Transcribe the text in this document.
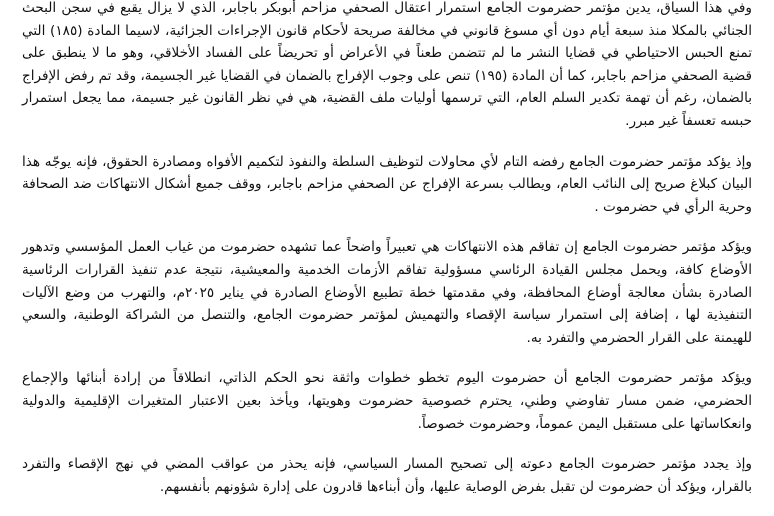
وفي هذا السياق، يدين مؤتمر حضرموت الجامع استمرار اعتقال الصحفي مزاحم أبوبكر باجابر، الذي لا يزال يقبع في سجن البحث الجنائي بالمكلا منذ سبعة أيام دون أي مسوغ قانوني في مخالفة صريحة لأحكام قانون الإجراءات الجزائية، لاسيما المادة (١٨٥) التي تمنع الحبس الاحتياطي في قضايا النشر ما لم تتضمن طعناً في الأعراض أو تحريضاً على الفساد الأخلاقي، وهو ما لا ينطبق على قضية الصحفي مزاحم باجابر، كما أن المادة (١٩٥) تنص على وجوب الإفراج بالضمان في القضايا غير الجسيمة، وقد تم رفض الإفراج بالضمان، رغم أن تهمة تكدير السلم العام، التي ترسمها أوليات ملف القضية، هي في نظر القانون غير جسيمة، مما يجعل استمرار حبسه تعسفاً غير مبرر.

وإذ يؤكد مؤتمر حضرموت الجامع رفضه التام لأي محاولات لتوظيف السلطة والنفوذ لتكميم الأفواه ومصادرة الحقوق، فإنه يوجّه هذا البيان كبلاغ صريح إلى النائب العام، ويطالب بسرعة الإفراج عن الصحفي مزاحم باجابر، ووقف جميع أشكال الانتهاكات ضد الصحافة وحرية الرأي في حضرموت .

ويؤكد مؤتمر حضرموت الجامع إن تفاقم هذه الانتهاكات هي تعبيراً واضحاً عما تشهده حضرموت من غياب العمل المؤسسي وتدهور الأوضاع كافة، ويحمل مجلس القيادة الرئاسي مسؤولية تفاقم الأزمات الخدمية والمعيشية، نتيجة عدم تنفيذ القرارات الرئاسية الصادرة بشأن معالجة أوضاع المحافظة، وفي مقدمتها خطة تطبيع الأوضاع الصادرة في يناير ٢٠٢٥م، والتهرب من وضع الآليات التنفيذية لها ، إضافة إلى استمرار سياسة الإقصاء والتهميش لمؤتمر حضرموت الجامع، والتنصل من الشراكة الوطنية، والسعي للهيمنة على القرار الحضرمي والتفرد به.

ويؤكد مؤتمر حضرموت الجامع أن حضرموت اليوم تخطو خطوات واثقة نحو الحكم الذاتي، انطلاقاً من إرادة أبنائها والإجماع الحضرمي، ضمن مسار تفاوضي وطني، يحترم خصوصية حضرموت وهويتها، ويأخذ بعين الاعتبار المتغيرات الإقليمية والدولية وانعكاساتها على مستقبل اليمن عموماً، وحضرموت خصوصاً.

وإذ يجدد مؤتمر حضرموت الجامع دعوته إلى تصحيح المسار السياسي، فإنه يحذر من عواقب المضي في نهج الإقصاء والتفرد بالقرار، ويؤكد أن حضرموت لن تقبل بفرض الوصاية عليها، وأن أبناءها قادرون على إدارة شؤونهم بأنفسهم.
